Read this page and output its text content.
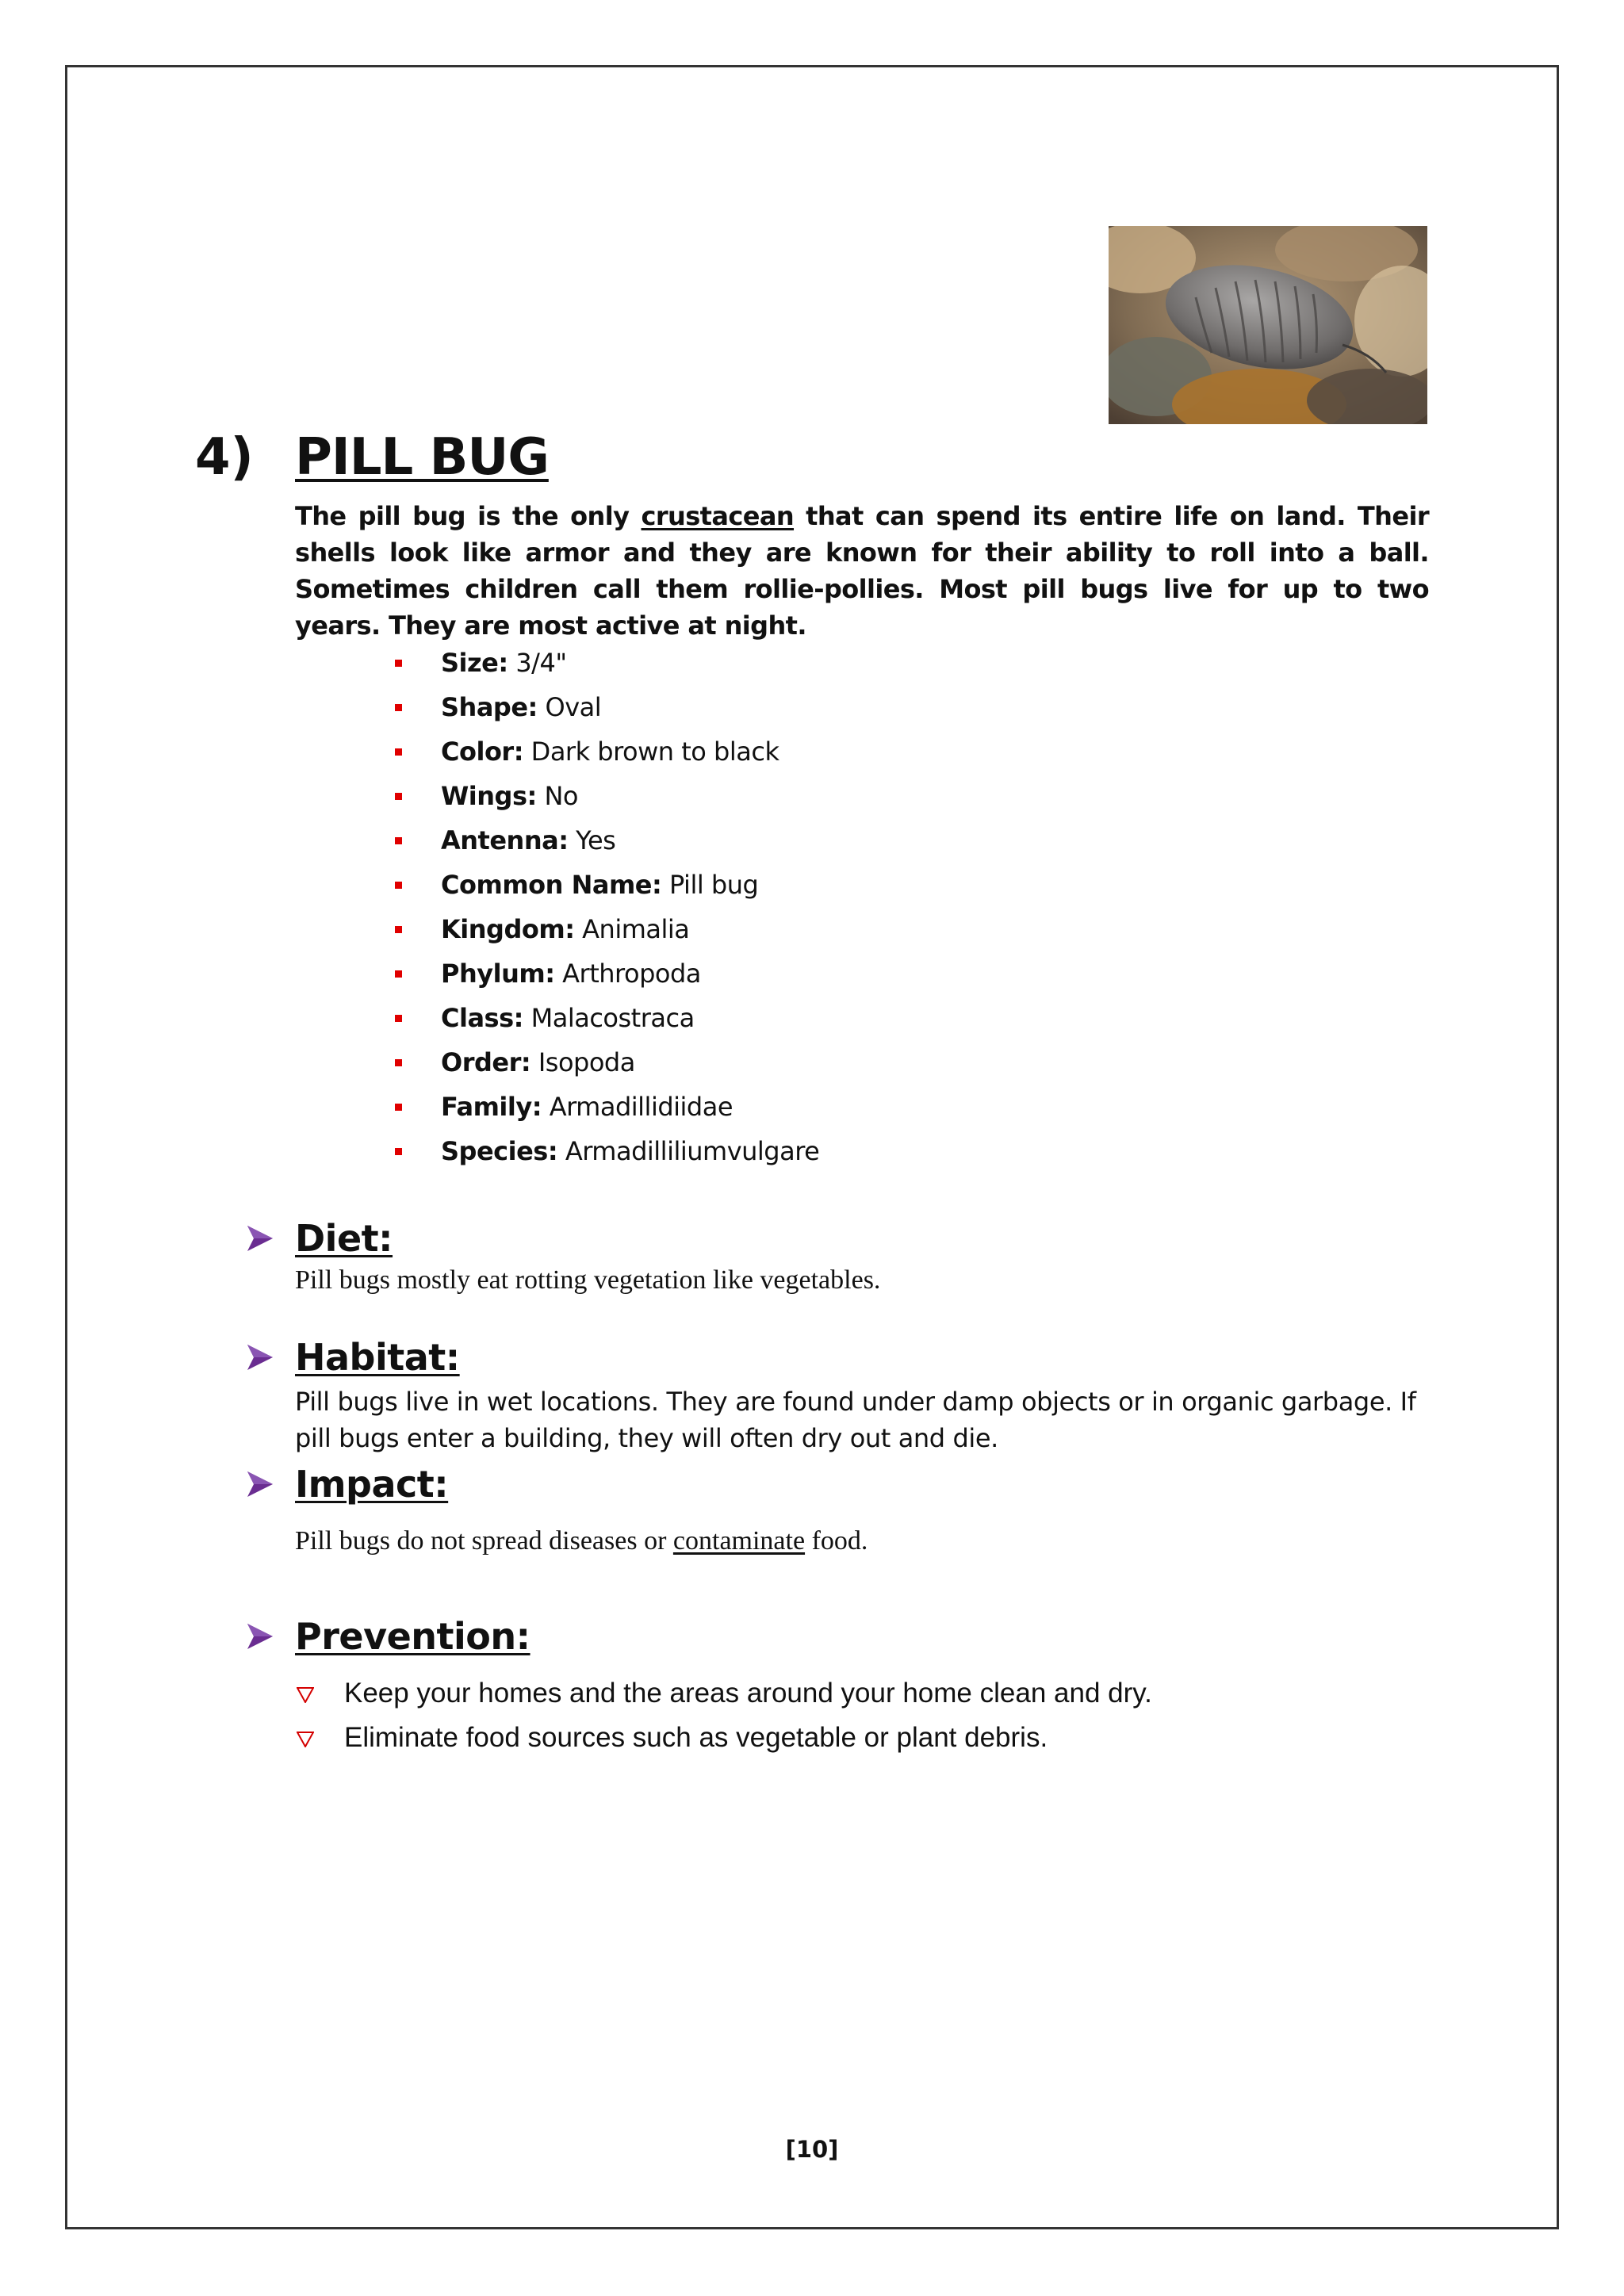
4) PILL BUG
The pill bug is the only crustacean that can spend its entire life on land. Their shells look like armor and they are known for their ability to roll into a ball. Sometimes children call them rollie-pollies. Most pill bugs live for up to two years. They are most active at night.
Size: 3/4"
Shape: Oval
Color: Dark brown to black
Wings: No
Antenna: Yes
Common Name: Pill bug
Kingdom: Animalia
Phylum: Arthropoda
Class: Malacostraca
Order: Isopoda
Family: Armadillidiidae
Species: Armadilliliumvulgare
Diet:
Pill bugs mostly eat rotting vegetation like vegetables.
Habitat:
Pill bugs live in wet locations. They are found under damp objects or in organic garbage. If pill bugs enter a building, they will often dry out and die.
Impact:
Pill bugs do not spread diseases or contaminate food.
Prevention:
Keep your homes and the areas around your home clean and dry.
Eliminate food sources such as vegetable or plant debris.
[10]
